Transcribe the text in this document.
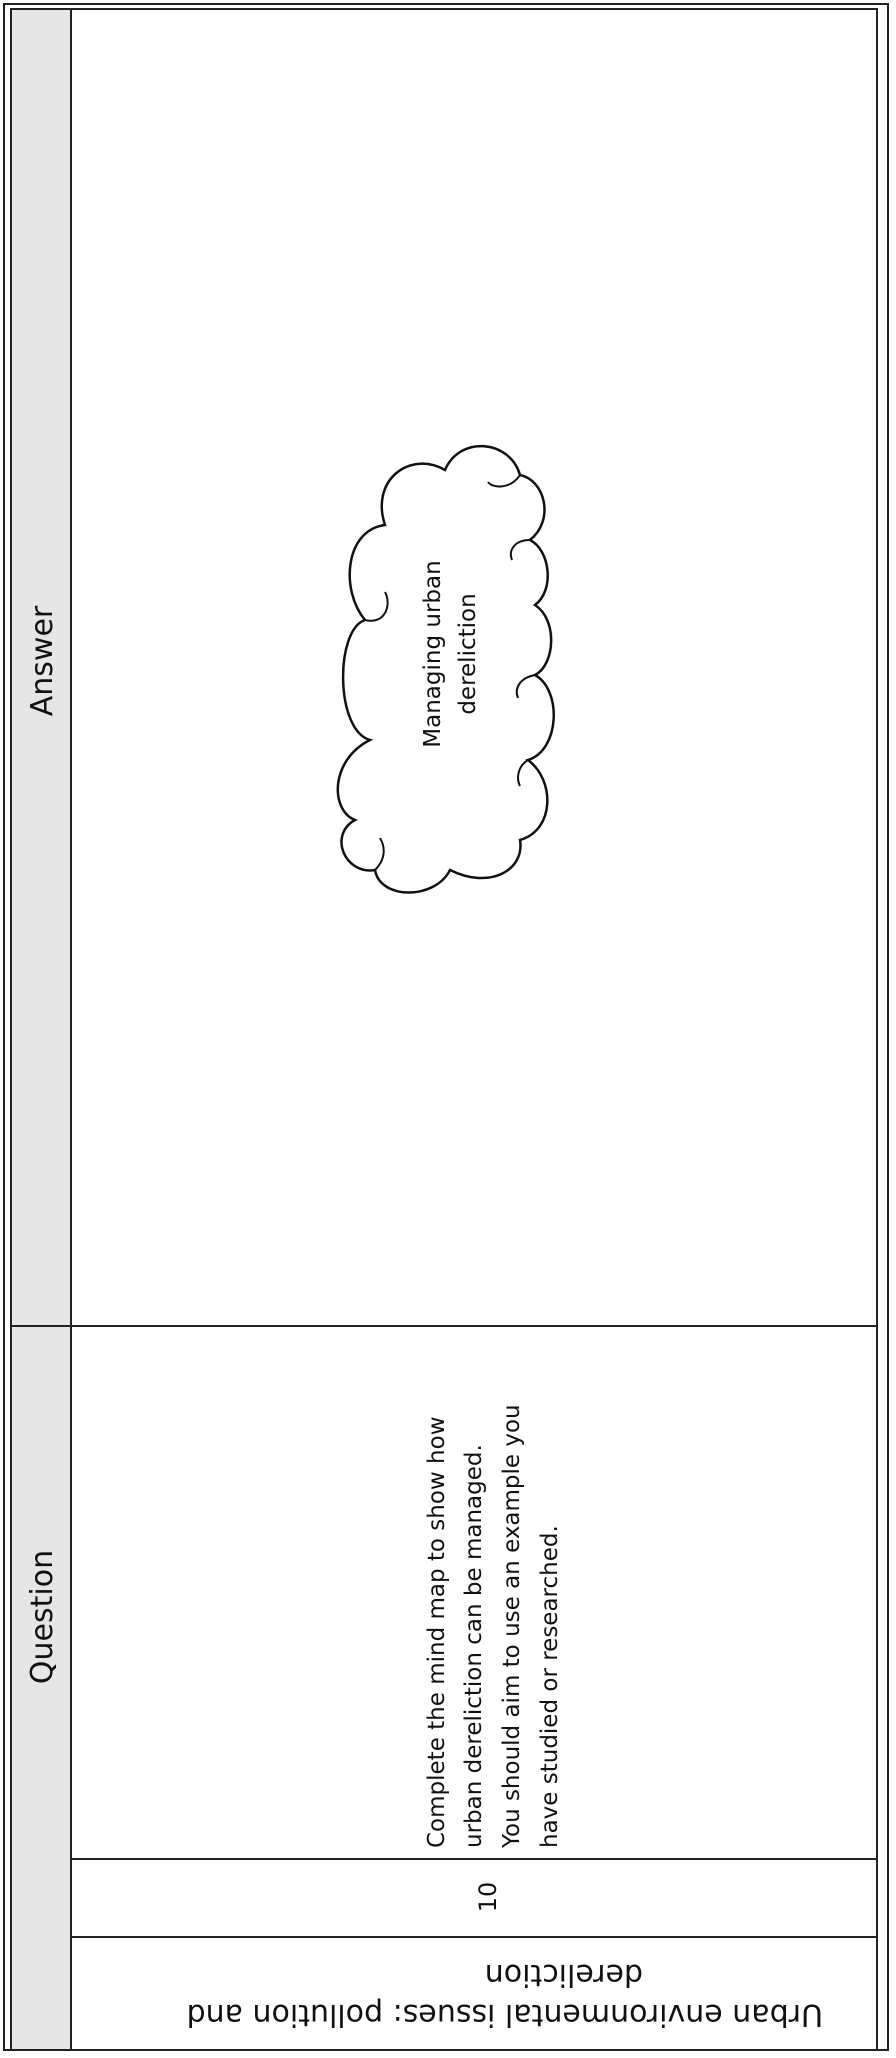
Answer
Question
10
Urban environmental issues: pollution and
dereliction
Complete the mind map to show how urban dereliction can be managed. You should aim to use an example you have studied or researched.
Managing urban dereliction
